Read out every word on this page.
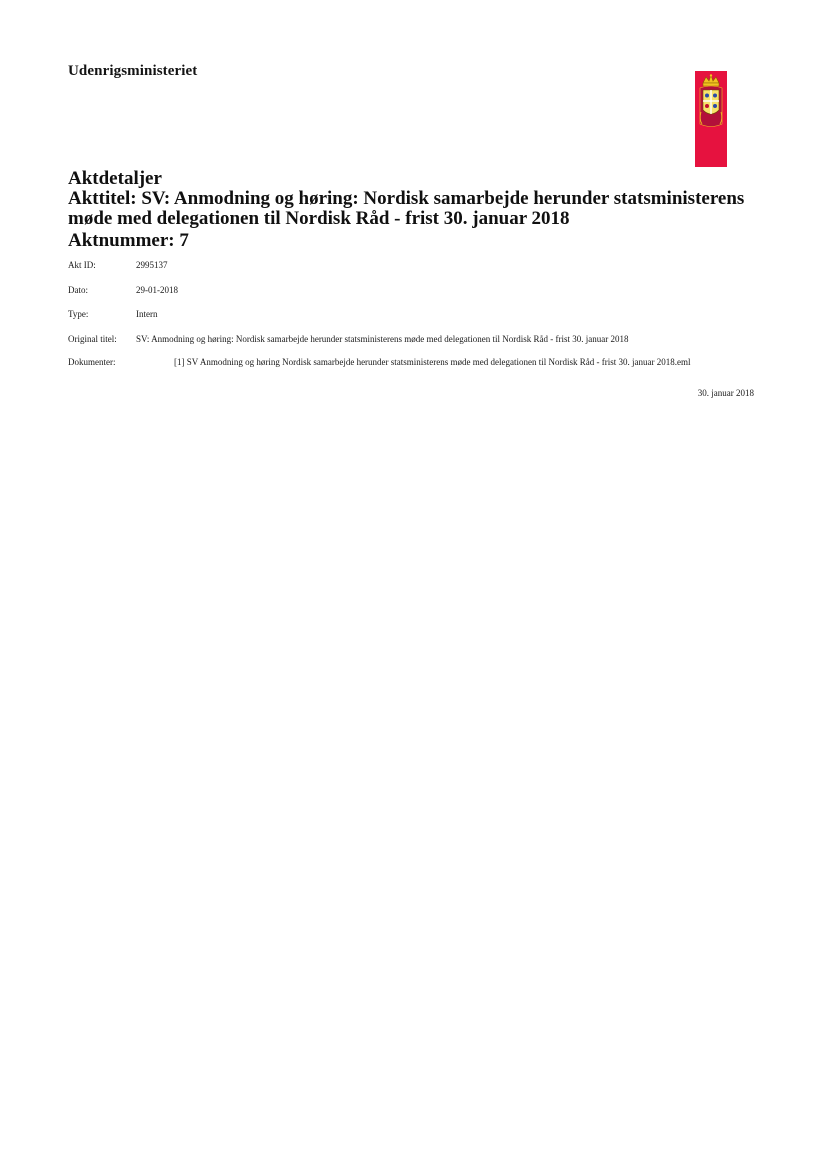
Udenrigsministeriet
Aktdetaljer
Akttitel: SV: Anmodning og høring: Nordisk samarbejde herunder statsministerens møde med delegationen til Nordisk Råd - frist 30. januar 2018
Aktnummer: 7
Akt ID:	2995137
Dato:	29-01-2018
Type:	Intern
Original titel: SV: Anmodning og høring: Nordisk samarbejde herunder statsministerens møde med delegationen til Nordisk Råd - frist 30. januar 2018
Dokumenter:	[1] SV Anmodning og høring Nordisk samarbejde herunder statsministerens møde med delegationen til Nordisk Råd - frist 30. januar 2018.eml
30. januar 2018
